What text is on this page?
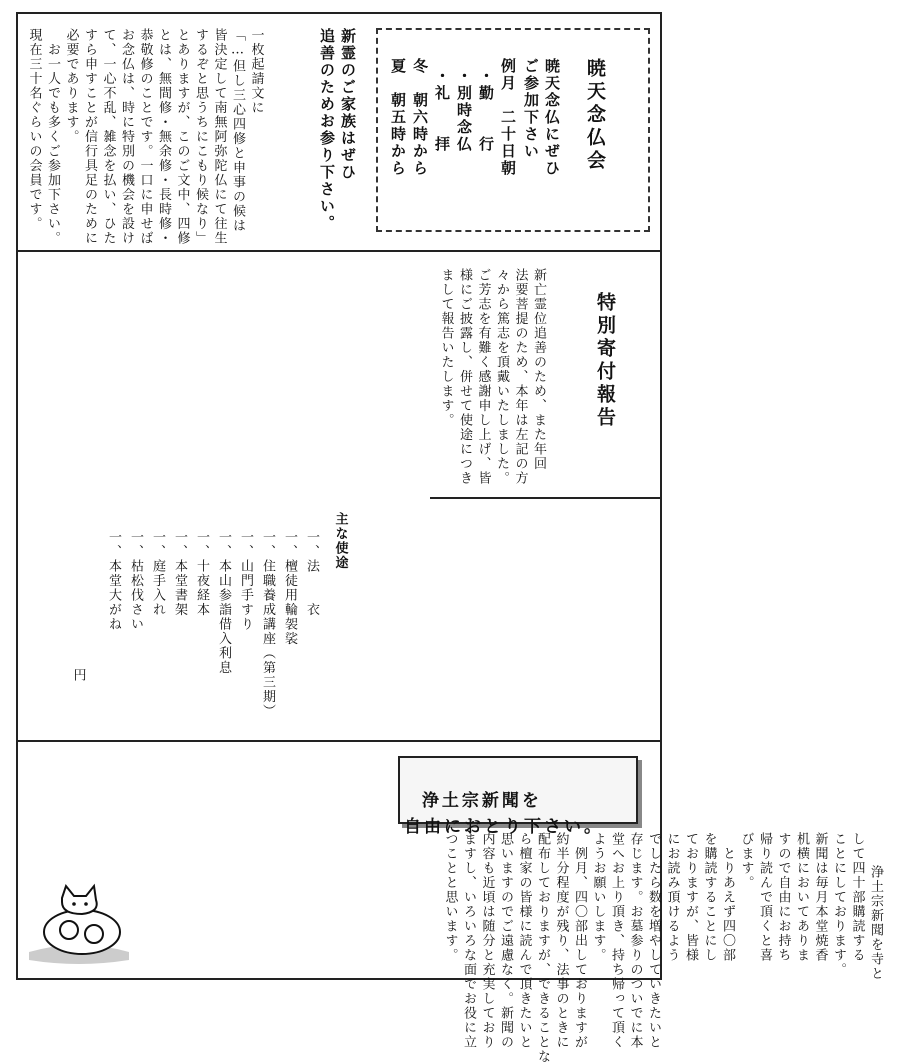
暁天念仏会
暁天念仏にぜひ
ご参加下さい
例月　二十日朝
・勤　　行
・別時念仏
・礼　　拝
冬　朝六時から
夏　朝五時から
新霊のご家族はぜひ
追善のためお参り下さい。
一枚起請文に
「…但し三心四修と申事の候は
皆決定して南無阿弥陀仏にて往生
するぞと思うちにこもり候なり」
とありますが、このご文中、四修
とは、無間修・無余修・長時修・
恭敬修のことです。一口に申せば
お念仏は、時に特別の機会を設け
て、一心不乱、雑念を払い、ひた
すら申すことが信行具足のために
必要であります。
　お一人でも多くご参加下さい。
現在三十名ぐらいの会員です。
特別寄付報告
新亡霊位追善のため、また年回
法要菩提のため、本年は左記の方
々から篤志を頂戴いたしました。
ご芳志を有難く感謝申し上げ、皆
様にご披露し、併せて使途につき
まして報告いたします。
主な使途
一、法　　衣
一、檀徒用輪袈裟
一、住職養成講座（第三期）
一、山門手すり
一、本山参詣借入利息
一、十夜経本
一、本堂書架
一、庭手入れ
一、枯松伐さい
一、本堂大がね
円

浄土宗新聞を
自由におとり下さい。

浄土宗新聞を寺と
して四十部購読する
ことにしております。
新聞は毎月本堂焼香
机横においてありま
すので自由にお持ち
帰り読んで頂くと喜
びます。
　とりあえず四〇部
を購読することにし
ておりますが、皆様
にお読み頂けるよう
でしたら数を増やしていきたいと
存じます。お墓参りのついでに本
堂へお上り頂き、持ち帰って頂く
ようお願いします。
　例月、四〇部出しておりますが
約半分程度が残り、法事のときに
配布しておりますが、できることな
ら檀家の皆様に読んで頂きたいと
思いますのでご遠慮なく。新聞の
内容も近頃は随分と充実しており
ますし、いろいろな面でお役に立
つことと思います。
